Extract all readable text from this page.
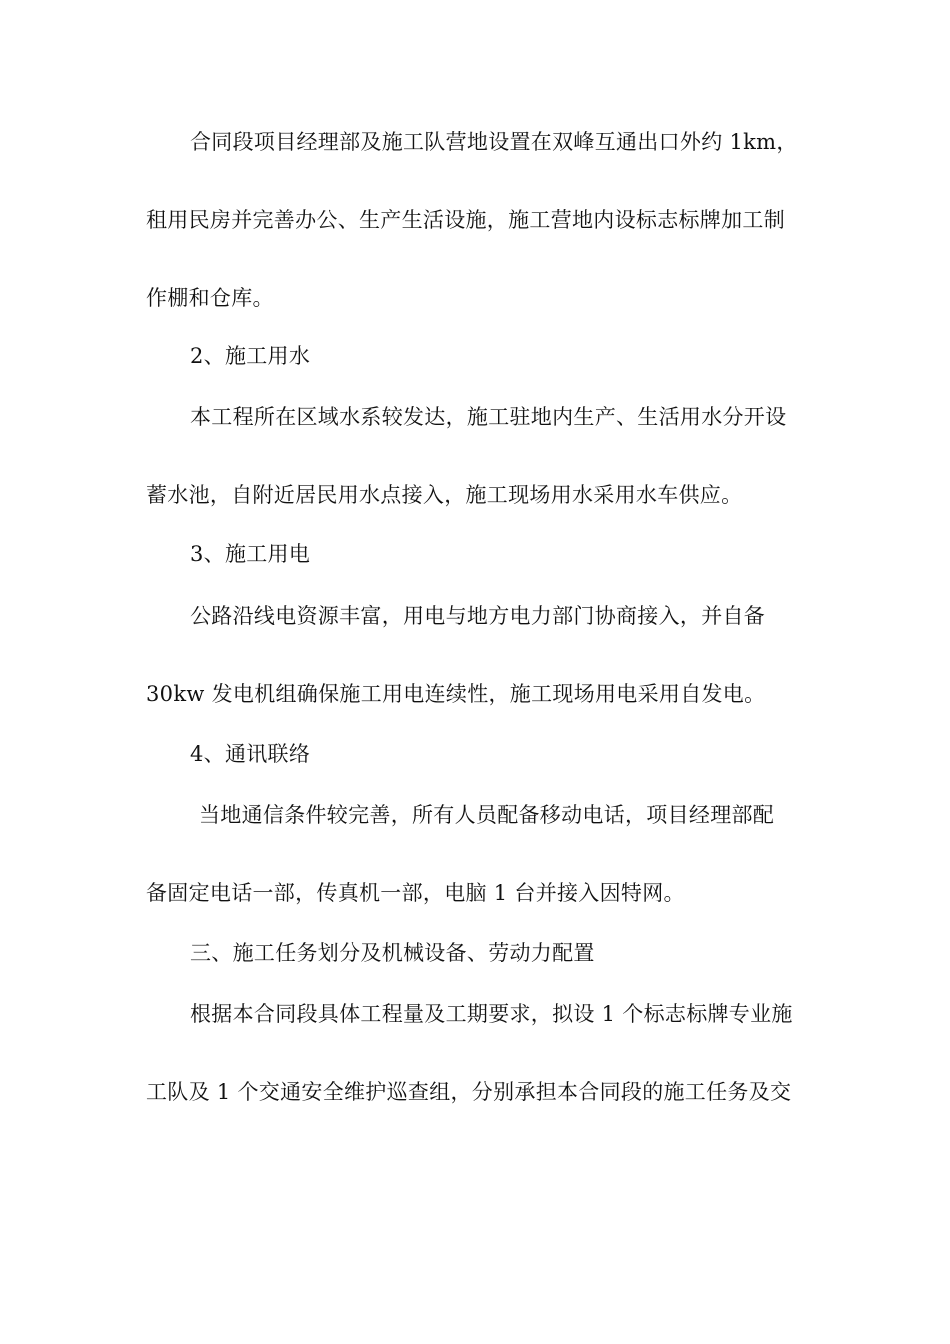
合同段项目经理部及施工队营地设置在双峰互通出口外约 1km，
租用民房并完善办公、生产生活设施，施工营地内设标志标牌加工制
作棚和仓库。
2、施工用水
本工程所在区域水系较发达，施工驻地内生产、生活用水分开设
蓄水池，自附近居民用水点接入，施工现场用水采用水车供应。
3、施工用电
公路沿线电资源丰富，用电与地方电力部门协商接入，并自备
30kw 发电机组确保施工用电连续性，施工现场用电采用自发电。
4、通讯联络
当地通信条件较完善，所有人员配备移动电话，项目经理部配
备固定电话一部，传真机一部，电脑 1 台并接入因特网。
三、施工任务划分及机械设备、劳动力配置
根据本合同段具体工程量及工期要求，拟设 1 个标志标牌专业施
工队及 1 个交通安全维护巡查组，分别承担本合同段的施工任务及交
